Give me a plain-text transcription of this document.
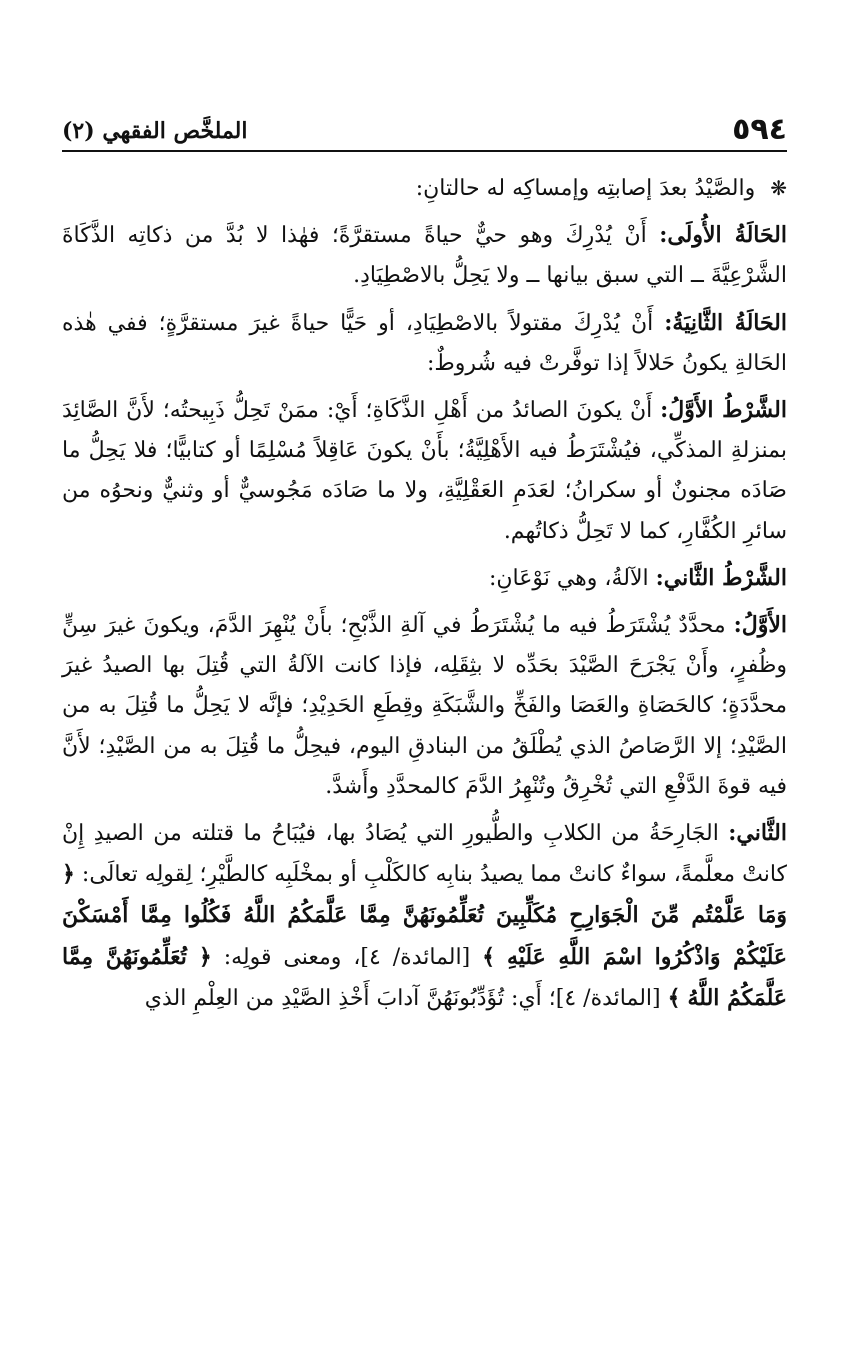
٥٩٤
الملخَّص الفقهي (٢)

❋ والصَّيْدُ بعدَ إصابتِه وإمساكِه له حالتانِ:

الحَالَةُ الأُولَى: أَنْ يُدْرِكَ وهو حيٌّ حياةً مستقرَّةً؛ فهٰذا لا بُدَّ من ذكاتِه الذَّكَاةَ الشَّرْعِيَّةَ ــ التي سبق بيانها ــ ولا يَحِلُّ بالاصْطِيَادِ.

الحَالَةُ الثَّانِيَةُ: أَنْ يُدْرِكَ مقتولاً بالاصْطِيَادِ، أو حَيًّا حياةً غيرَ مستقرَّةٍ؛ ففي هٰذه الحَالةِ يكونُ حَلالاً إذا توفَّرتْ فيه شُروطٌ:

الشَّرْطُ الأَوَّلُ: أَنْ يكونَ الصائدُ من أَهْلِ الذَّكَاةِ؛ أَيْ: ممَنْ تَحِلُّ ذَبِيحتُه؛ لأَنَّ الصَّائِدَ بمنزلةِ المذكِّي، فيُشْتَرَطُ فيه الأَهْلِيَّةُ؛ بأَنْ يكونَ عَاقِلاً مُسْلِمًا أو كتابيًّا؛ فلا يَحِلُّ ما صَادَه مجنونٌ أو سكرانُ؛ لعَدَمِ العَقْلِيَّةِ، ولا ما صَادَه مَجُوسيٌّ أو وثنيٌّ ونحوُه من سائرِ الكُفَّارِ، كما لا تَحِلُّ ذكاتُهم.

الشَّرْطُ الثَّاني: الآلةُ، وهي نَوْعَانِ:

الأَوَّلُ: محدَّدٌ يُشْتَرَطُ فيه ما يُشْتَرَطُ في آلةِ الذَّبْحِ؛ بأَنْ يُنْهِرَ الدَّمَ، ويكونَ غيرَ سِنٍّ وظُفرٍ، وأَنْ يَجْرَحَ الصَّيْدَ بحَدِّه لا بثِقَلِه، فإذا كانت الآلةُ التي قُتِلَ بها الصيدُ غيرَ محدَّدَةٍ؛ كالحَصَاةِ والعَصَا والفَخِّ والشَّبَكَةِ وقِطَعِ الحَدِيْدِ؛ فإنَّه لا يَحِلُّ ما قُتِلَ به من الصَّيْدِ؛ إلا الرَّصَاصُ الذي يُطْلَقُ من البنادقِ اليوم، فيحِلُّ ما قُتِلَ به من الصَّيْدِ؛ لأَنَّ فيه قوةَ الدَّفْعِ التي تُخْرِقُ وتُنْهِرُ الدَّمَ كالمحدَّدِ وأَشدَّ.

الثَّاني: الجَارِحَةُ من الكلابِ والطُّيورِ التي يُصَادُ بها، فيُبَاحُ ما قتلته من الصيدِ إِنْ كانتْ معلَّمةً، سواءٌ كانتْ مما يصيدُ بنابِه كالكَلْبِ أو بمخْلَبِه كالطَّيْرِ؛ لِقولِه تعالَى: ﴿ وَمَا عَلَّمْتُم مِّنَ الْجَوَارِحِ مُكَلِّبِينَ تُعَلِّمُونَهُنَّ مِمَّا عَلَّمَكُمُ اللَّهُ فَكُلُوا مِمَّا أَمْسَكْنَ عَلَيْكُمْ وَاذْكُرُوا اسْمَ اللَّهِ عَلَيْهِ ﴾ [المائدة/ ٤]، ومعنى قولِه: ﴿ تُعَلِّمُونَهُنَّ مِمَّا عَلَّمَكُمُ اللَّهُ ﴾ [المائدة/ ٤]؛ أَي: تُؤَدِّبُونَهُنَّ آدابَ أَخْذِ الصَّيْدِ من العِلْمِ الذي
